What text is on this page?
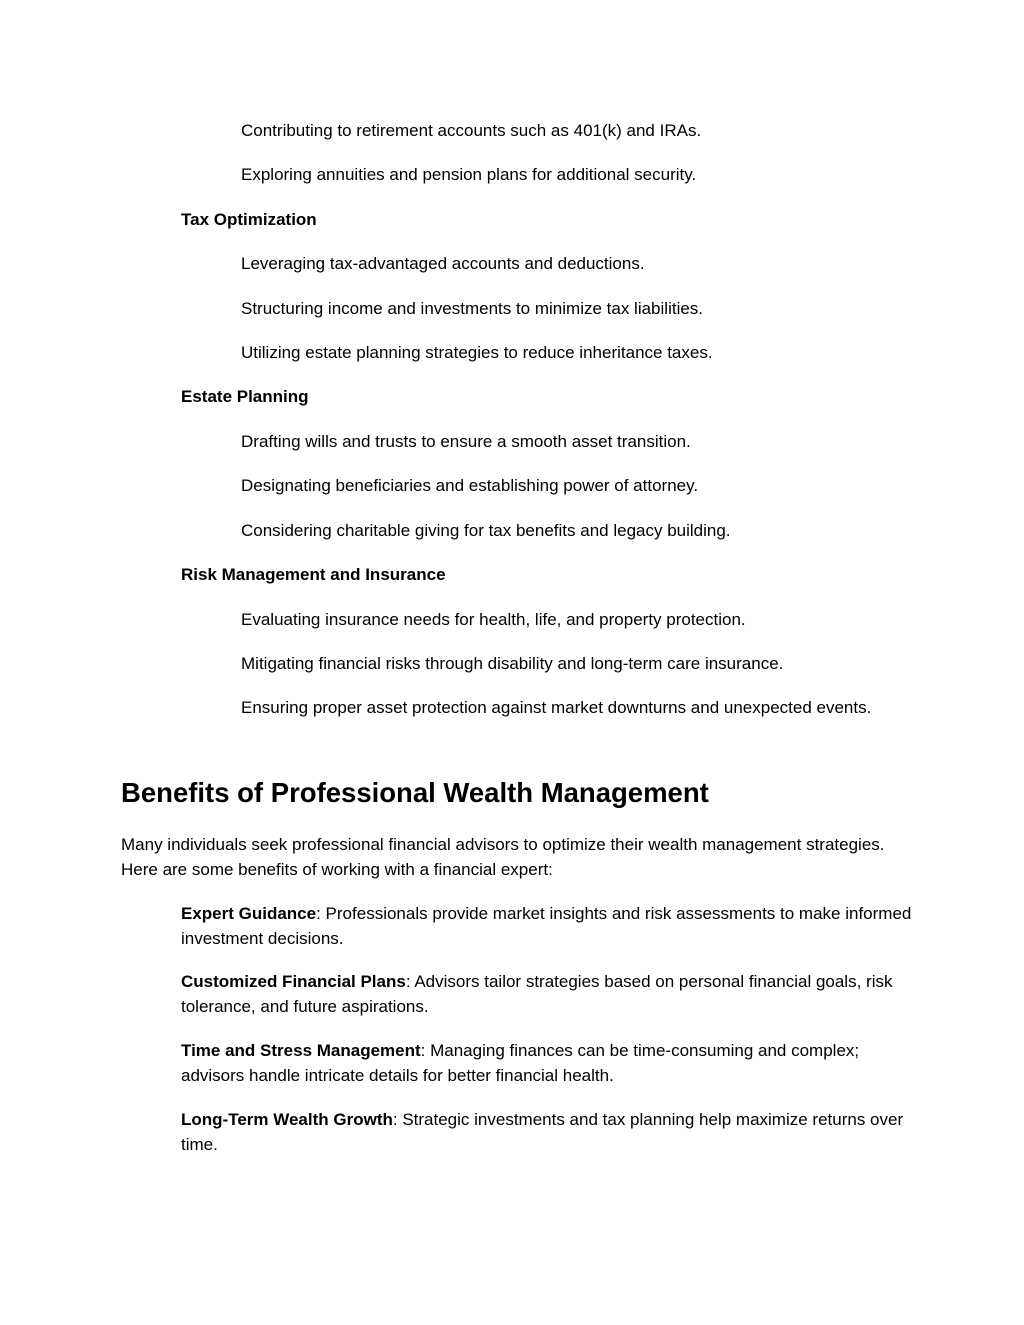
Contributing to retirement accounts such as 401(k) and IRAs.

Exploring annuities and pension plans for additional security.

Tax Optimization

Leveraging tax-advantaged accounts and deductions.

Structuring income and investments to minimize tax liabilities.

Utilizing estate planning strategies to reduce inheritance taxes.

Estate Planning

Drafting wills and trusts to ensure a smooth asset transition.

Designating beneficiaries and establishing power of attorney.

Considering charitable giving for tax benefits and legacy building.

Risk Management and Insurance

Evaluating insurance needs for health, life, and property protection.

Mitigating financial risks through disability and long-term care insurance.

Ensuring proper asset protection against market downturns and unexpected events.

Benefits of Professional Wealth Management

Many individuals seek professional financial advisors to optimize their wealth management strategies. Here are some benefits of working with a financial expert:

Expert Guidance: Professionals provide market insights and risk assessments to make informed investment decisions.

Customized Financial Plans: Advisors tailor strategies based on personal financial goals, risk tolerance, and future aspirations.

Time and Stress Management: Managing finances can be time-consuming and complex; advisors handle intricate details for better financial health.

Long-Term Wealth Growth: Strategic investments and tax planning help maximize returns over time.
